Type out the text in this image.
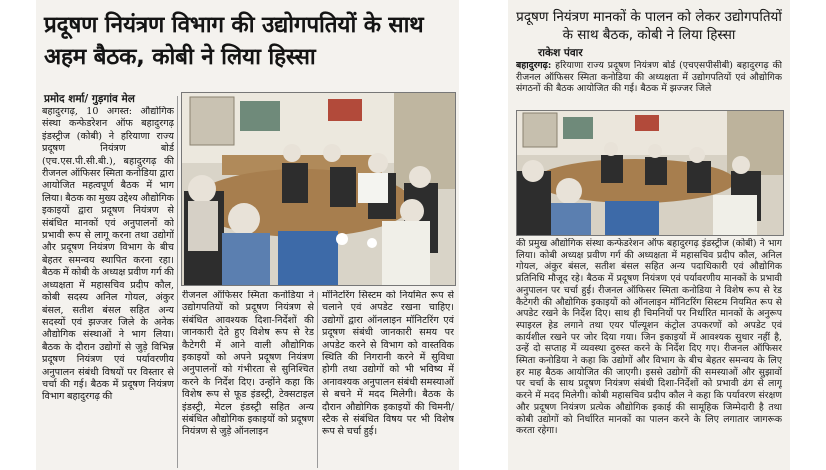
प्रदूषण नियंत्रण विभाग की उद्योगपतियों के साथ अहम बैठक, कोबी ने लिया हिस्सा
प्रमोद शर्मा/ गुड़गांव मेल

बहादुरगढ़, 10 अगस्त: औद्योगिक संस्था कन्फेडरेशन ऑफ बहादुरगढ़ इंडस्ट्रीज (कोबी) ने हरियाणा राज्य प्रदूषण नियंत्रण बोर्ड (एच.एस.पी.सी.बी.), बहादुरगढ़ की रीजनल ऑफिसर स्मिता कनोडिया द्वारा आयोजित महत्वपूर्ण बैठक में भाग लिया। बैठक का मुख्य उद्देश्य औद्योगिक इकाइयों द्वारा प्रदूषण नियंत्रण से संबंधित मानकों एवं अनुपालनों को प्रभावी रूप से लागू करना तथा उद्योगों और प्रदूषण नियंत्रण विभाग के बीच बेहतर समन्वय स्थापित करना रहा। बैठक में कोबी के अध्यक्ष प्रवीण गर्ग की अध्यक्षता में महासचिव प्रदीप कौल, कोबी सदस्य अनिल गोयल, अंकुर बंसल, सतीश बंसल सहित अन्य सदस्यों एवं झज्जर जिले के अनेक औद्योगिक संस्थाओं ने भाग लिया। बैठक के दौरान उद्योगों से जुड़े विभिन्न प्रदूषण नियंत्रण एवं पर्यावरणीय अनुपालन संबंधी विषयों पर विस्तार से चर्चा की गई। बैठक में प्रदूषण नियंत्रण विभाग बहादुरगढ़ की

रीजनल ऑफिसर स्मिता कनोडिया ने उद्योगपतियों को प्रदूषण नियंत्रण से संबंधित आवश्यक दिशा-निर्देशों की जानकारी देते हुए विशेष रूप से रेड कैटेगरी में आने वाली औद्योगिक इकाइयों को अपने प्रदूषण नियंत्रण अनुपालनों को गंभीरता से सुनिश्चित करने के निर्देश दिए। उन्होंने कहा कि विशेष रूप से फूड इंडस्ट्री, टेक्सटाइल इंडस्ट्री, मेटल इंडस्ट्री सहित अन्य संबंधित औद्योगिक इकाइयों को प्रदूषण नियंत्रण से जुड़े ऑनलाइन

मॉनिटरिंग सिस्टम को नियमित रूप से चलाने एवं अपडेट रखना चाहिए। उद्योगों द्वारा ऑनलाइन मॉनिटरिंग एवं प्रदूषण संबंधी जानकारी समय पर अपडेट करने से विभाग को वास्तविक स्थिति की निगरानी करने में सुविधा होगी तथा उद्योगों को भी भविष्य में अनावश्यक अनुपालन संबंधी समस्याओं से बचने में मदद मिलेगी। बैठक के दौरान औद्योगिक इकाइयों की चिमनी/स्टैक से संबंधित विषय पर भी विशेष रूप से चर्चा हुई।

प्रदूषण नियंत्रण मानकों के पालन को लेकर उद्योगपतियों के साथ बैठक, कोबी ने लिया हिस्सा
राकेश पंवार

बहादुरगढ़: हरियाणा राज्य प्रदूषण नियंत्रण बोर्ड (एचएसपीसीबी) बहादुरगढ़ की रीजनल ऑफिसर स्मिता कनोडिया की अध्यक्षता में उद्योगपतियों एवं औद्योगिक संगठनों की बैठक आयोजित की गई। बैठक में झज्जर जिले

की प्रमुख औद्योगिक संस्था कन्फेडरेशन ऑफ बहादुरगढ़ इंडस्ट्रीज (कोबी) ने भाग लिया। कोबी अध्यक्ष प्रवीण गर्ग की अध्यक्षता में महासचिव प्रदीप कौल, अनिल गोयल, अंकुर बंसल, सतीश बंसल सहित अन्य पदाधिकारी एवं औद्योगिक प्रतिनिधि मौजूद रहे। बैठक में प्रदूषण नियंत्रण एवं पर्यावरणीय मानकों के प्रभावी अनुपालन पर चर्चा हुई। रीजनल ऑफिसर स्मिता कनोडिया ने विशेष रूप से रेड कैटेगरी की औद्योगिक इकाइयों को ऑनलाइन मॉनिटरिंग सिस्टम नियमित रूप से अपडेट रखने के निर्देश दिए। साथ ही चिमनियों पर निर्धारित मानकों के अनुरूप स्पाइरल हेड लगाने तथा एयर पॉल्यूशन कंट्रोल उपकरणों को अपडेट एवं कार्यशील रखने पर जोर दिया गया। जिन इकाइयों में आवश्यक सुधार नहीं है, उन्हें दो सप्ताह में व्यवस्था दुरुस्त करने के निर्देश दिए गए। रीजनल ऑफिसर स्मिता कनोडिया ने कहा कि उद्योगों और विभाग के बीच बेहतर समन्वय के लिए हर माह बैठक आयोजित की जाएगी। इससे उद्योगों की समस्याओं और सुझावों पर चर्चा के साथ प्रदूषण नियंत्रण संबंधी दिशा-निर्देशों को प्रभावी ढंग से लागू करने में मदद मिलेगी। कोबी महासचिव प्रदीप कौल ने कहा कि पर्यावरण संरक्षण और प्रदूषण नियंत्रण प्रत्येक औद्योगिक इकाई की सामूहिक जिम्मेदारी है तथा कोबी उद्योगों को निर्धारित मानकों का पालन करने के लिए लगातार जागरूक करता रहेगा।
